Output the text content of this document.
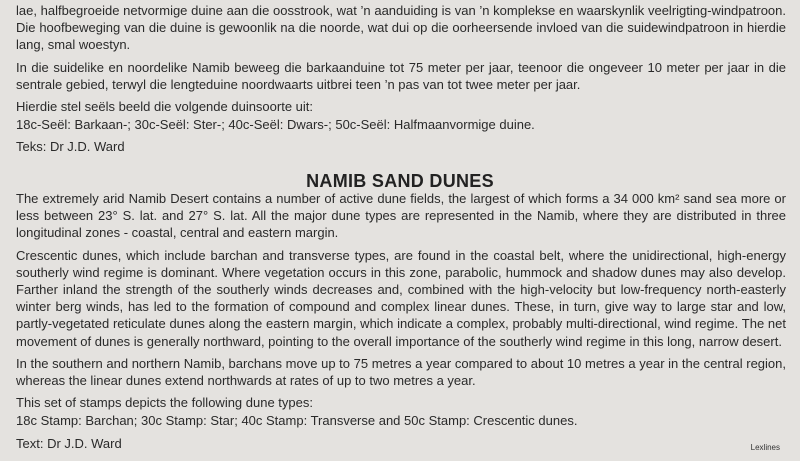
lae, halfbegroeide netvormige duine aan die oosstrook, wat ’n aanduiding is van ’n komplekse en waarskynlik veelrigting-windpatroon. Die hoofbeweging van die duine is gewoonlik na die noorde, wat dui op die oorheersende invloed van die suidewindpatroon in hierdie lang, smal woestyn.

In die suidelike en noordelike Namib beweeg die barkaanduine tot 75 meter per jaar, teenoor die ongeveer 10 meter per jaar in die sentrale gebied, terwyl die lengteduine noordwaarts uitbrei teen ’n pas van tot twee meter per jaar.

Hierdie stel seëls beeld die volgende duinsoorte uit:

18c-Seël: Barkaan-; 30c-Seël: Ster-; 40c-Seël: Dwars-; 50c-Seël: Halfmaanvormige duine.

Teks: Dr J.D. Ward

NAMIB SAND DUNES

The extremely arid Namib Desert contains a number of active dune fields, the largest of which forms a 34 000 km² sand sea more or less between 23° S. lat. and 27° S. lat. All the major dune types are represented in the Namib, where they are distributed in three longitudinal zones - coastal, central and eastern margin.

Crescentic dunes, which include barchan and transverse types, are found in the coastal belt, where the unidirectional, high-energy southerly wind regime is dominant. Where vegetation occurs in this zone, parabolic, hummock and shadow dunes may also develop. Farther inland the strength of the southerly winds decreases and, combined with the high-velocity but low-frequency north-easterly winter berg winds, has led to the formation of compound and complex linear dunes. These, in turn, give way to large star and low, partly-vegetated reticulate dunes along the eastern margin, which indicate a complex, probably multi-directional, wind regime. The net movement of dunes is generally northward, pointing to the overall importance of the southerly wind regime in this long, narrow desert.

In the southern and northern Namib, barchans move up to 75 metres a year compared to about 10 metres a year in the central region, whereas the linear dunes extend northwards at rates of up to two metres a year.

This set of stamps depicts the following dune types:

18c Stamp: Barchan; 30c Stamp: Star; 40c Stamp: Transverse and 50c Stamp: Crescentic dunes.

Text: Dr J.D. Ward	Lexlines
